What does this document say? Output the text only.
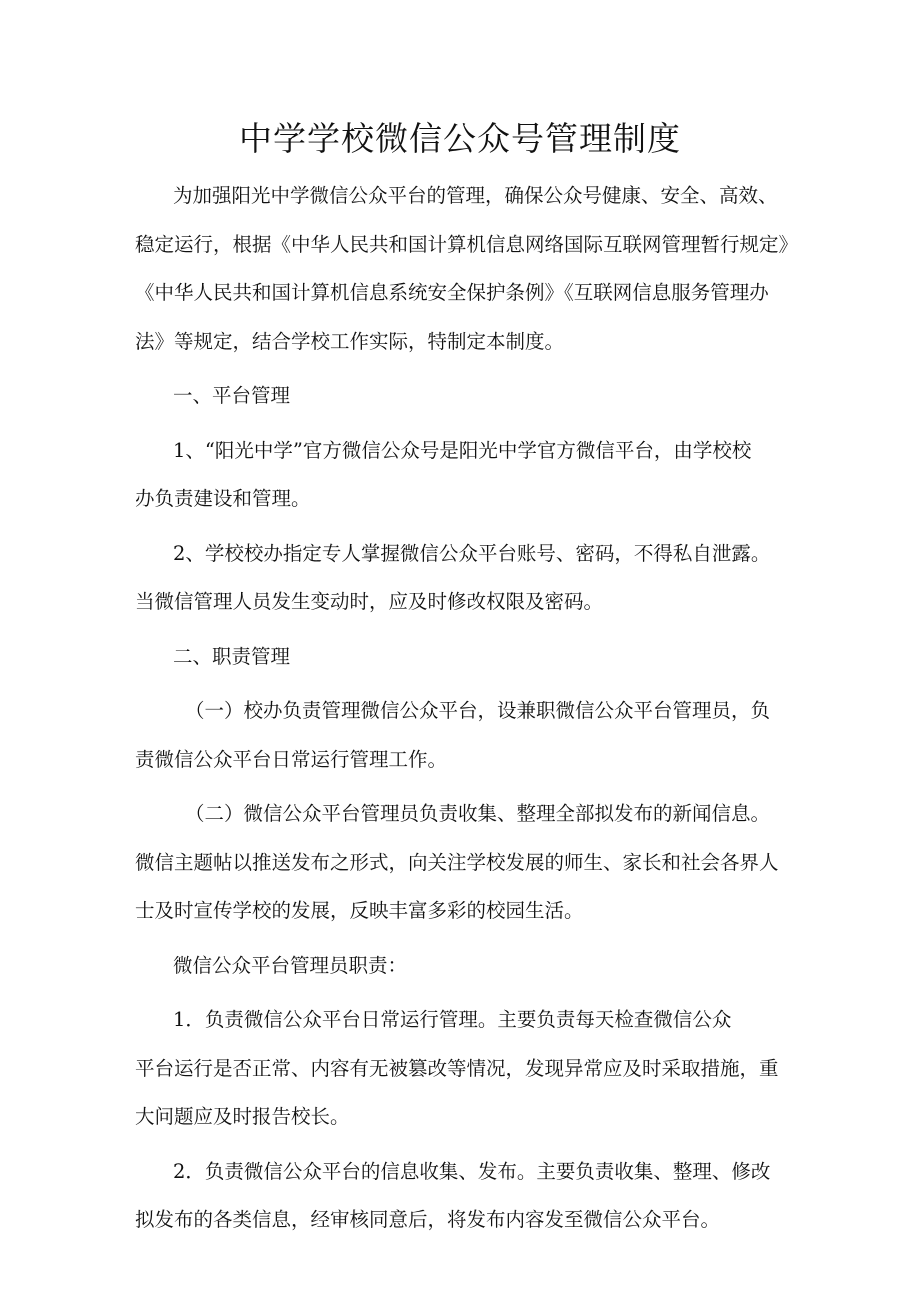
中学学校微信公众号管理制度

为加强阳光中学微信公众平台的管理，确保公众号健康、安全、高效、
稳定运行，根据《中华人民共和国计算机信息网络国际互联网管理暂行规定》
《中华人民共和国计算机信息系统安全保护条例》《互联网信息服务管理办
法》等规定，结合学校工作实际，特制定本制度。

一、平台管理

1、“阳光中学”官方微信公众号是阳光中学官方微信平台，由学校校
办负责建设和管理。

2、学校校办指定专人掌握微信公众平台账号、密码，不得私自泄露。
当微信管理人员发生变动时，应及时修改权限及密码。

二、职责管理

（一）校办负责管理微信公众平台，设兼职微信公众平台管理员，负
责微信公众平台日常运行管理工作。

（二）微信公众平台管理员负责收集、整理全部拟发布的新闻信息。
微信主题帖以推送发布之形式，向关注学校发展的师生、家长和社会各界人
士及时宣传学校的发展，反映丰富多彩的校园生活。

微信公众平台管理员职责：

1．负责微信公众平台日常运行管理。主要负责每天检查微信公众
平台运行是否正常、内容有无被篡改等情况，发现异常应及时采取措施，重
大问题应及时报告校长。

2．负责微信公众平台的信息收集、发布。主要负责收集、整理、修改
拟发布的各类信息，经审核同意后，将发布内容发至微信公众平台。
